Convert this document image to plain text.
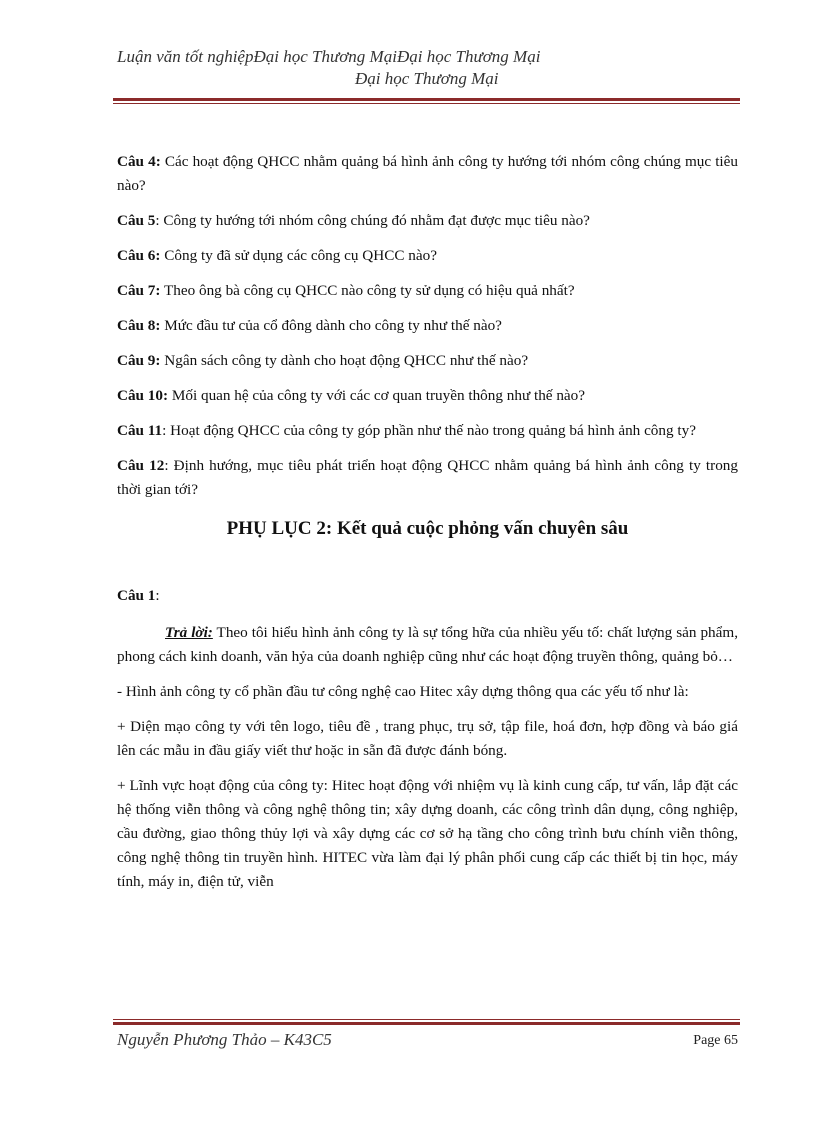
Luận văn tốt nghiệpĐại học Thương MạiĐại học Thương Mại
Đại học Thương Mại

Câu 4: Các hoạt động QHCC nhằm quảng bá hình ảnh công ty hướng tới nhóm công chúng mục tiêu nào?

Câu 5: Công ty hướng tới nhóm công chúng đó nhằm đạt được mục tiêu nào?

Câu 6: Công ty đã sử dụng các công cụ QHCC nào?

Câu 7: Theo ông bà công cụ QHCC nào công ty sử dụng có hiệu quả nhất?

Câu 8: Mức đầu tư của cổ đông dành cho công ty như thế nào?

Câu 9: Ngân sách công ty dành cho hoạt động QHCC như thế nào?

Câu 10: Mối quan hệ của công ty với các cơ quan truyền thông như thế nào?

Câu 11: Hoạt động QHCC của công ty góp phần như thế nào trong quảng bá hình ảnh công ty?

Câu 12: Định hướng, mục tiêu phát triển hoạt động QHCC nhằm quảng bá hình ảnh công ty trong thời gian tới?

PHỤ LỤC 2: Kết quả cuộc phỏng vấn chuyên sâu

Câu 1:

Trả lời: Theo tôi hiểu hình ảnh công ty là sự tổng hữa của nhiều yếu tố: chất lượng sản phẩm, phong cách kinh doanh, văn hỷa của doanh nghiệp cũng như các hoạt động truyền thông, quảng bỏ…

- Hình ảnh công ty cổ phần đầu tư công nghệ cao Hitec xây dựng thông qua các yếu tố như là:

+ Diện mạo công ty với tên logo, tiêu đề , trang phục, trụ sở, tập file, hoá đơn, hợp đồng và báo giá lên các mẫu in đầu giấy viết thư hoặc in sẵn đã được đánh bóng.

+ Lĩnh vực hoạt động của công ty: Hitec hoạt động với nhiệm vụ là kinh cung cấp, tư vấn, lắp đặt các hệ thống viễn thông và công nghệ thông tin; xây dựng doanh, các công trình dân dụng, công nghiệp, cầu đường, giao thông thủy lợi và xây dựng các cơ sở hạ tầng cho công trình bưu chính viễn thông, công nghệ thông tin truyền hình. HITEC vừa làm đại lý phân phối cung cấp các thiết bị tin học, máy tính, máy in, điện tử, viễn

Nguyễn Phương Thảo – K43C5	Page 65
